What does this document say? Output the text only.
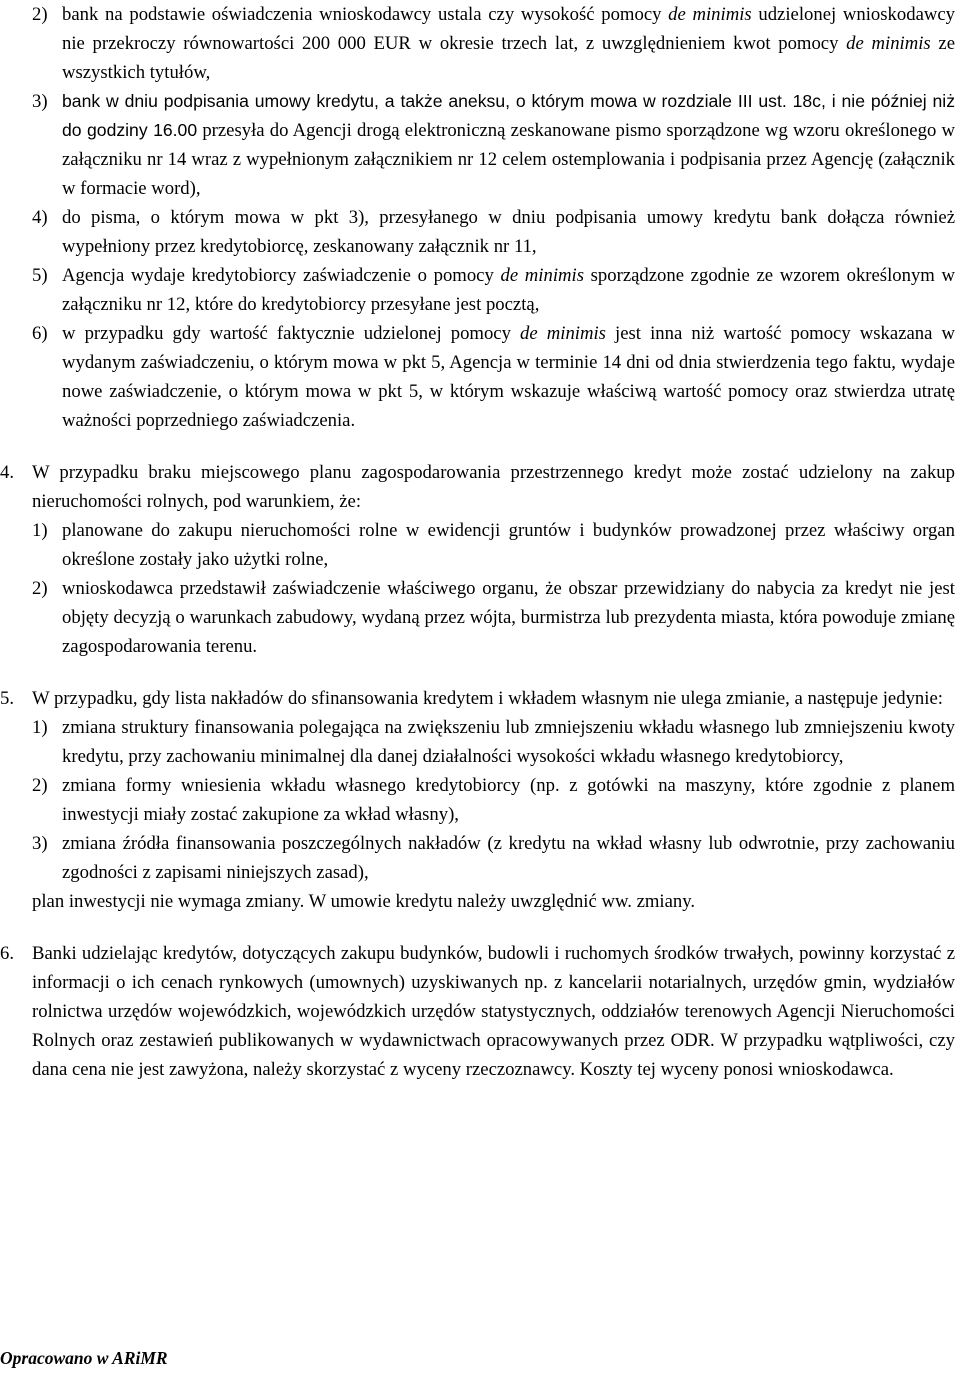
2) bank na podstawie oświadczenia wnioskodawcy ustala czy wysokość pomocy de minimis udzielonej wnioskodawcy nie przekroczy równowartości 200 000 EUR w okresie trzech lat, z uwzględnieniem kwot pomocy de minimis ze wszystkich tytułów,
3) bank w dniu podpisania umowy kredytu, a także aneksu, o którym mowa w rozdziale III ust. 18c, i nie później niż do godziny 16.00 przesyła do Agencji drogą elektroniczną zeskanowane pismo sporządzone wg wzoru określonego w załączniku nr 14 wraz z wypełnionym załącznikiem nr 12 celem ostemplowania i podpisania przez Agencję (załącznik w formacie word),
4) do pisma, o którym mowa w pkt 3), przesyłanego w dniu podpisania umowy kredytu bank dołącza również wypełniony przez kredytobiorcę, zeskanowany załącznik nr 11,
5) Agencja wydaje kredytobiorcy zaświadczenie o pomocy de minimis sporządzone zgodnie ze wzorem określonym w załączniku nr 12, które do kredytobiorcy przesyłane jest pocztą,
6) w przypadku gdy wartość faktycznie udzielonej pomocy de minimis jest inna niż wartość pomocy wskazana w wydanym zaświadczeniu, o którym mowa w pkt 5, Agencja w terminie 14 dni od dnia stwierdzenia tego faktu, wydaje nowe zaświadczenie, o którym mowa w pkt 5, w którym wskazuje właściwą wartość pomocy oraz stwierdza utratę ważności poprzedniego zaświadczenia.
4. W przypadku braku miejscowego planu zagospodarowania przestrzennego kredyt może zostać udzielony na zakup nieruchomości rolnych, pod warunkiem, że:
1) planowane do zakupu nieruchomości rolne w ewidencji gruntów i budynków prowadzonej przez właściwy organ określone zostały jako użytki rolne,
2) wnioskodawca przedstawił zaświadczenie właściwego organu, że obszar przewidziany do nabycia za kredyt nie jest objęty decyzją o warunkach zabudowy, wydaną przez wójta, burmistrza lub prezydenta miasta, która powoduje zmianę zagospodarowania terenu.
5. W przypadku, gdy lista nakładów do sfinansowania kredytem i wkładem własnym nie ulega zmianie, a następuje jedynie:
1) zmiana struktury finansowania polegająca na zwiększeniu lub zmniejszeniu wkładu własnego lub zmniejszeniu kwoty kredytu, przy zachowaniu minimalnej dla danej działalności wysokości wkładu własnego kredytobiorcy,
2) zmiana formy wniesienia wkładu własnego kredytobiorcy (np. z gotówki na maszyny, które zgodnie z planem inwestycji miały zostać zakupione za wkład własny),
3) zmiana źródła finansowania poszczególnych nakładów (z kredytu na wkład własny lub odwrotnie, przy zachowaniu zgodności z zapisami niniejszych zasad),
plan inwestycji nie wymaga zmiany. W umowie kredytu należy uwzględnić ww. zmiany.
6. Banki udzielając kredytów, dotyczących zakupu budynków, budowli i ruchomych środków trwałych, powinny korzystać z informacji o ich cenach rynkowych (umownych) uzyskiwanych np. z kancelarii notarialnych, urzędów gmin, wydziałów rolnictwa urzędów wojewódzkich, wojewódzkich urzędów statystycznych, oddziałów terenowych Agencji Nieruchomości Rolnych oraz zestawień publikowanych w wydawnictwach opracowywanych przez ODR. W przypadku wątpliwości, czy dana cena nie jest zawyżona, należy skorzystać z wyceny rzeczoznawcy. Koszty tej wyceny ponosi wnioskodawca.
Opracowano w ARiMR
